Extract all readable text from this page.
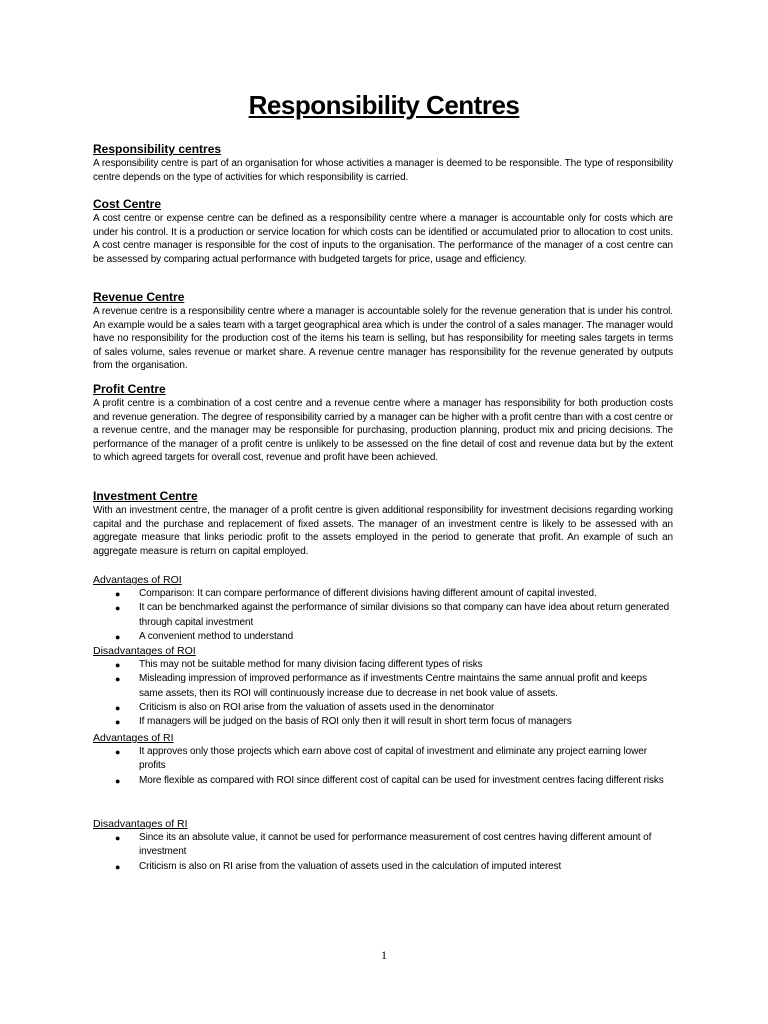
Responsibility Centres
Responsibility centres
A responsibility centre is part of an organisation for whose activities a manager is deemed to be responsible. The type of responsibility centre depends on the type of activities for which responsibility is carried.
Cost Centre
A cost centre or expense centre can be defined as a responsibility centre where a manager is accountable only for costs which are under his control. It is a production or service location for which costs can be identified or accumulated prior to allocation to cost units. A cost centre manager is responsible for the cost of inputs to the organisation. The performance of the manager of a cost centre can be assessed by comparing actual performance with budgeted targets for price, usage and efficiency.
Revenue Centre
A revenue centre is a responsibility centre where a manager is accountable solely for the revenue generation that is under his control. An example would be a sales team with a target geographical area which is under the control of a sales manager. The manager would have no responsibility for the production cost of the items his team is selling, but has responsibility for meeting sales targets in terms of sales volume, sales revenue or market share. A revenue centre manager has responsibility for the revenue generated by outputs from the organisation.
Profit Centre
A profit centre is a combination of a cost centre and a revenue centre where a manager has responsibility for both production costs and revenue generation. The degree of responsibility carried by a manager can be higher with a profit centre than with a cost centre or a revenue centre, and the manager may be responsible for purchasing, production planning, product mix and pricing decisions. The performance of the manager of a profit centre is unlikely to be assessed on the fine detail of cost and revenue data but by the extent to which agreed targets for overall cost, revenue and profit have been achieved.
Investment Centre
With an investment centre, the manager of a profit centre is given additional responsibility for investment decisions regarding working capital and the purchase and replacement of fixed assets. The manager of an investment centre is likely to be assessed with an aggregate measure that links periodic profit to the assets employed in the period to generate that profit. An example of such an aggregate measure is return on capital employed.
Advantages of ROI
● Comparison: It can compare performance of different divisions having different amount of capital invested.
● It can be benchmarked against the performance of similar divisions so that company can have idea about return generated through capital investment
● A convenient method to understand
Disadvantages of ROI
● This may not be suitable method for many division facing different types of risks
● Misleading impression of improved performance as if investments Centre maintains the same annual profit and keeps same assets, then its ROI will continuously increase due to decrease in net book value of assets.
● Criticism is also on ROI arise from the valuation of assets used in the denominator
● If managers will be judged on the basis of ROI only then it will result in short term focus of managers
Advantages of RI
● It approves only those projects which earn above cost of capital of investment and eliminate any project earning lower profits
● More flexible as compared with ROI since different cost of capital can be used for investment centres facing different risks
Disadvantages of RI
● Since its an absolute value, it cannot be used for performance measurement of cost centres having different amount of investment
● Criticism is also on RI arise from the valuation of assets used in the calculation of imputed interest
1
